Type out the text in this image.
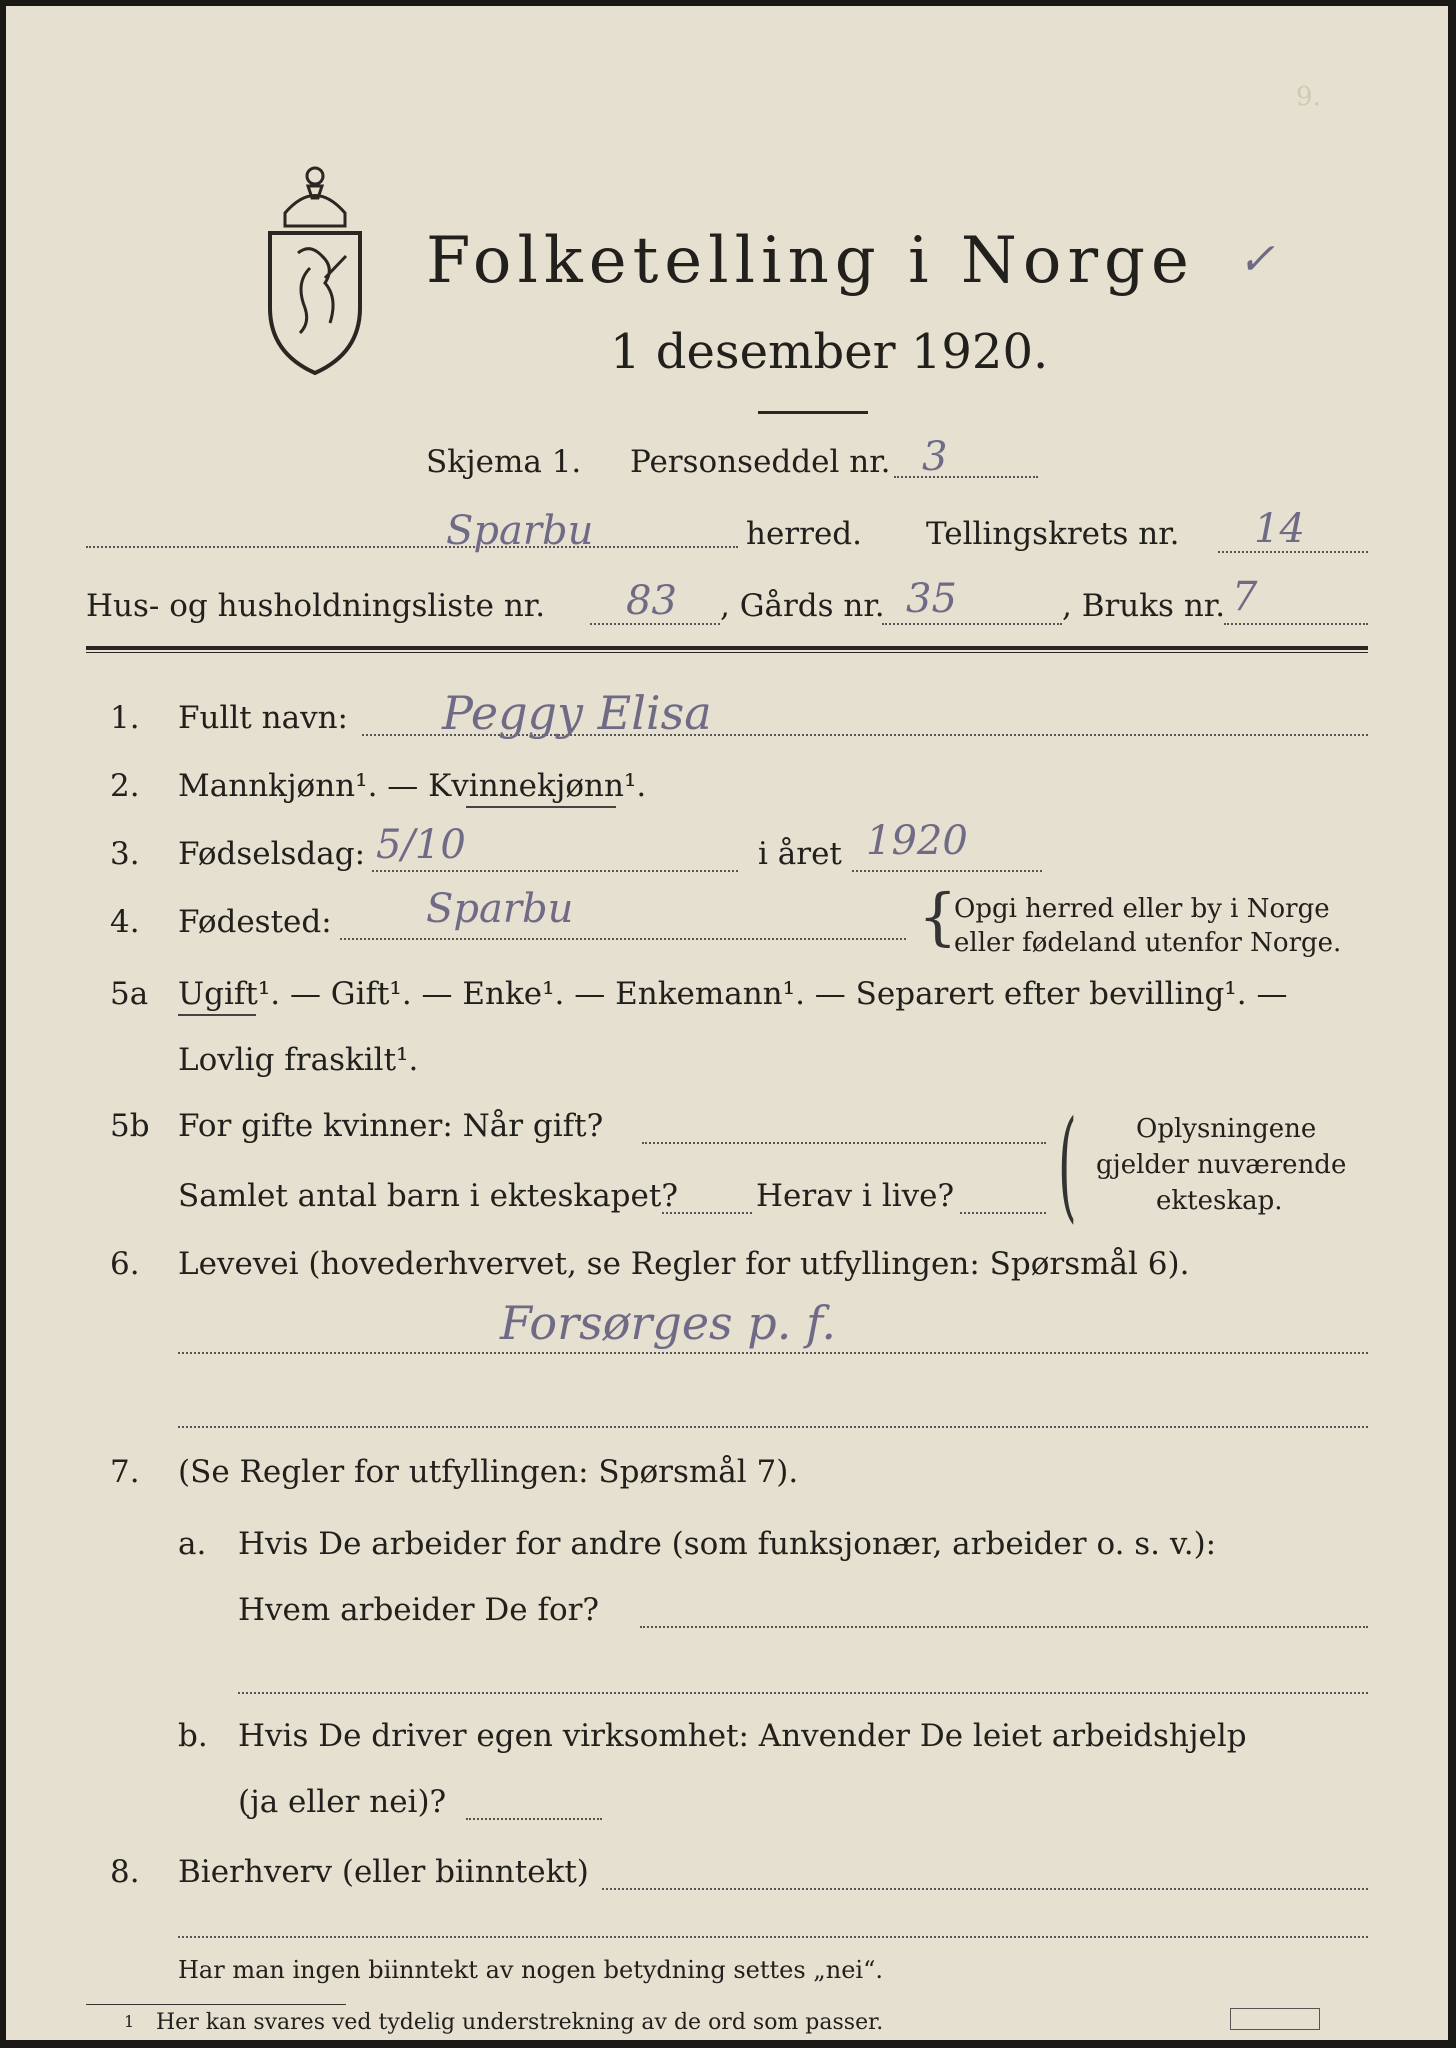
9.
Folketelling i Norge ✓
1 desember 1920.
Skjema 1. Personseddel nr. 3
Sparbu	herred. Tellingskrets nr. 14
Hus- og husholdningsliste nr. 83 , Gårds nr. 35	, Bruks nr. 7
1. Fullt navn: Peggy Elisa
2. Mannkjønn¹. — Kvinnekjønn¹.
3. Fødselsdag: 5/10	i året 1920
4. Fødested: Sparbu	{
Opgi herred eller by i Norge
eller fødeland utenfor Norge.
5a Ugift¹. — Gift¹. — Enke¹. — Enkemann¹. — Separert efter bevilling¹. —
Lovlig fraskilt¹.
5b For gifte kvinner: Når gift?
Samlet antal barn i ekteskapet?	Herav i live? ( Oplysningene
gjelder nuværende
ekteskap.
6. Levevei (hovederhvervet, se Regler for utfyllingen: Spørsmål 6).
Forsørges p. f.
7. (Se Regler for utfyllingen: Spørsmål 7).
a. Hvis De arbeider for andre (som funksjonær, arbeider o. s. v.):
Hvem arbeider De for?
b. Hvis De driver egen virksomhet: Anvender De leiet arbeidshjelp
(ja eller nei)?
8. Bierhverv (eller biinntekt)
Har man ingen biinntekt av nogen betydning settes „nei“.
1 Her kan svares ved tydelig understrekning av de ord som passer.
